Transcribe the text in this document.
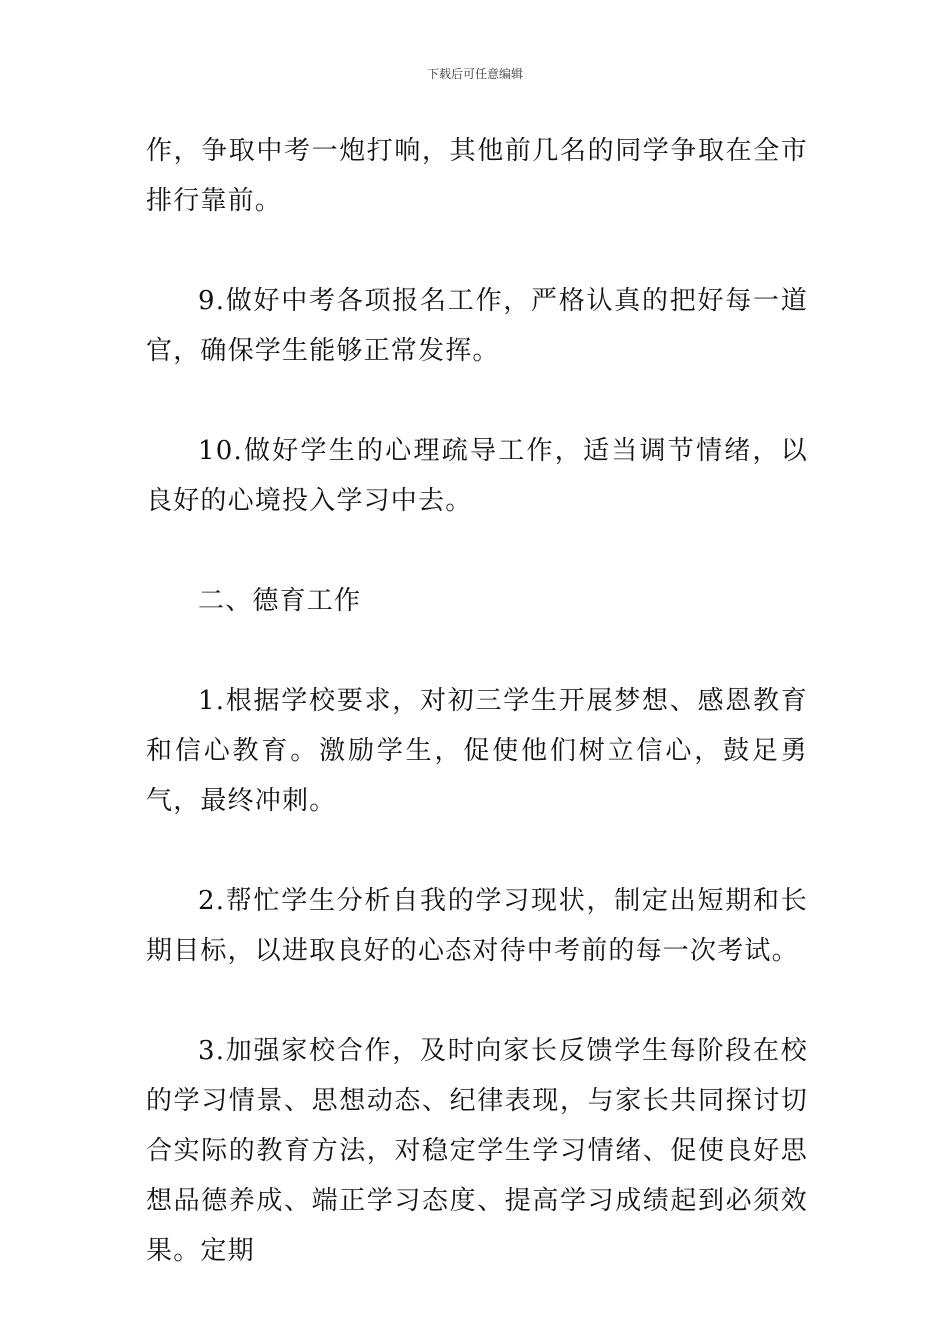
下载后可任意编辑

作，争取中考一炮打响，其他前几名的同学争取在全市排行靠前。

9.做好中考各项报名工作，严格认真的把好每一道官，确保学生能够正常发挥。

10.做好学生的心理疏导工作，适当调节情绪，以良好的心境投入学习中去。

二、德育工作

1.根据学校要求，对初三学生开展梦想、感恩教育和信心教育。激励学生，促使他们树立信心，鼓足勇气，最终冲刺。

2.帮忙学生分析自我的学习现状，制定出短期和长期目标，以进取良好的心态对待中考前的每一次考试。

3.加强家校合作，及时向家长反馈学生每阶段在校的学习情景、思想动态、纪律表现，与家长共同探讨切合实际的教育方法，对稳定学生学习情绪、促使良好思想品德养成、端正学习态度、提高学习成绩起到必须效果。定期
